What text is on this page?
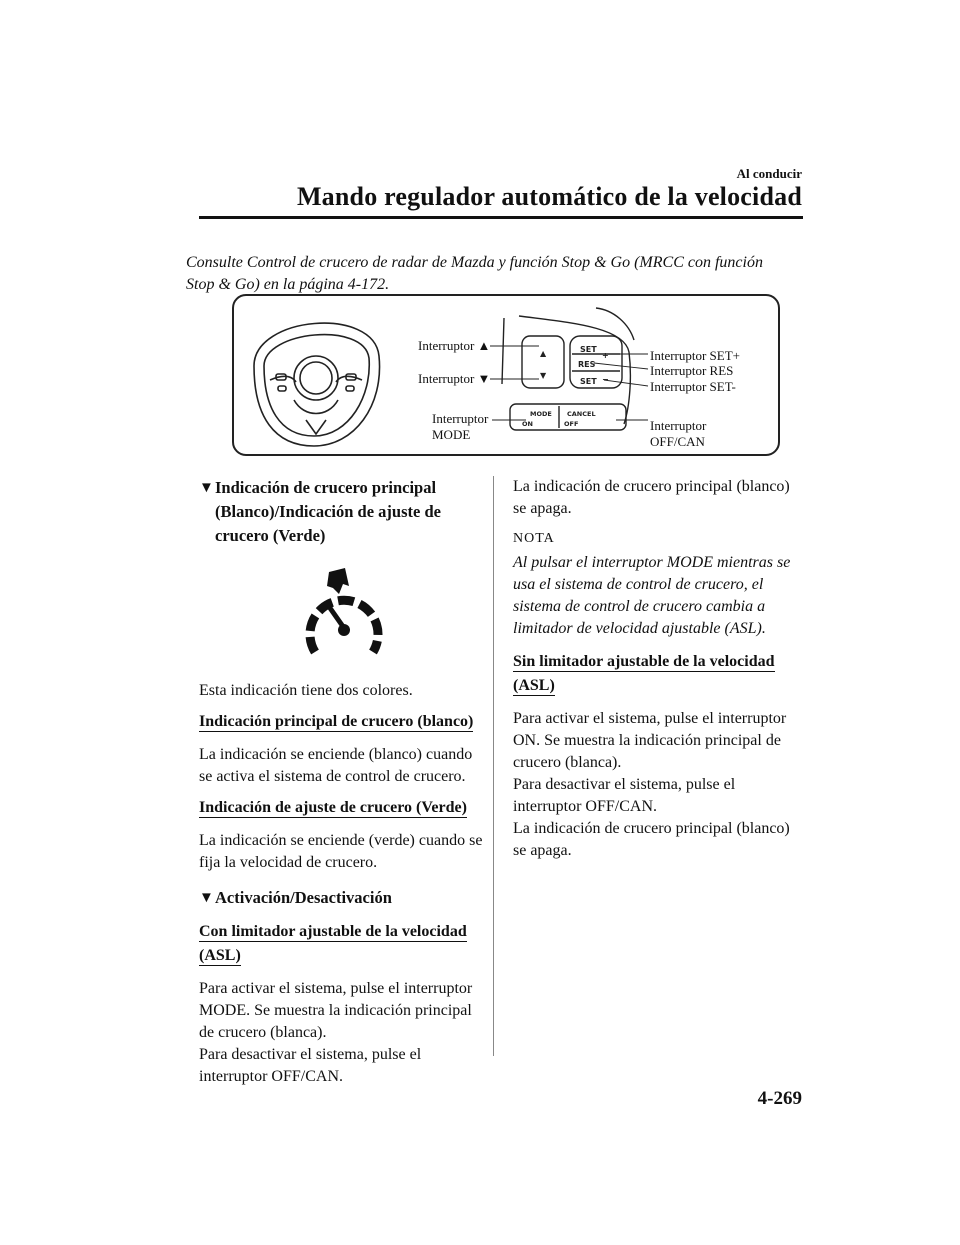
Al conducir
Mando regulador automático de la velocidad
Consulte Control de crucero de radar de Mazda y función Stop & Go (MRCC con función Stop & Go) en la página 4-172.
▲
▼
SET
+
RES
SET −
MODE
ON
CANCEL
OFF
Interruptor ▲
Interruptor ▼
Interruptor
MODE
Interruptor SET+
Interruptor RES
Interruptor SET-
Interruptor
OFF/CAN
▼ Indicación de crucero principal (Blanco)/Indicación de ajuste de crucero (Verde)

Esta indicación tiene dos colores.

Indicación principal de crucero (blanco)

La indicación se enciende (blanco) cuando se activa el sistema de control de crucero.

Indicación de ajuste de crucero (Verde)

La indicación se enciende (verde) cuando se fija la velocidad de crucero.

▼ Activación/Desactivación
Con limitador ajustable de la velocidad (ASL)

Para activar el sistema, pulse el interruptor MODE. Se muestra la indicación principal de crucero (blanca).

Para desactivar el sistema, pulse el interruptor OFF/CAN.

La indicación de crucero principal (blanco) se apaga.

NOTA
Al pulsar el interruptor MODE mientras se usa el sistema de control de crucero, el sistema de control de crucero cambia a limitador de velocidad ajustable (ASL).
Sin limitador ajustable de la velocidad (ASL)

Para activar el sistema, pulse el interruptor ON. Se muestra la indicación principal de crucero (blanca).

Para desactivar el sistema, pulse el interruptor OFF/CAN.

La indicación de crucero principal (blanco) se apaga.

4-269
